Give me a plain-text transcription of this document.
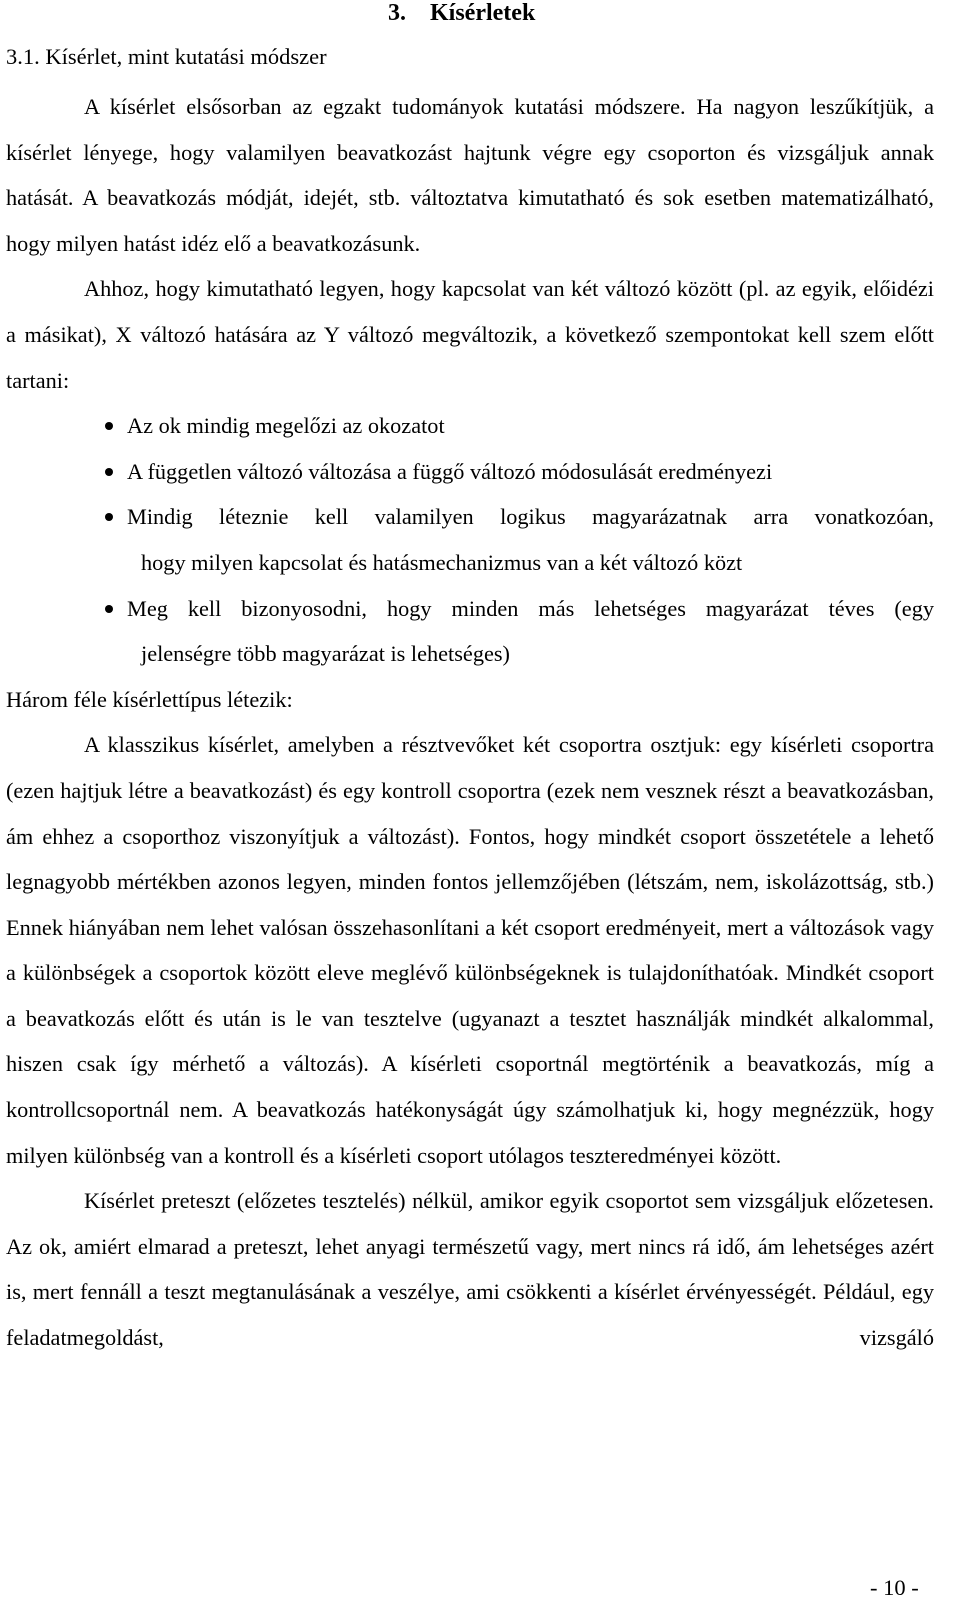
3.    Kísérletek
3.1. Kísérlet, mint kutatási módszer

A kísérlet elsősorban az egzakt tudományok kutatási módszere. Ha nagyon leszűkítjük, a kísérlet lényege, hogy valamilyen beavatkozást hajtunk végre egy csoporton és vizsgáljuk annak hatását. A beavatkozás módját, idejét, stb. változtatva kimutatható és sok esetben matematizálható, hogy milyen hatást idéz elő a beavatkozásunk.

Ahhoz, hogy kimutatható legyen, hogy kapcsolat van két változó között (pl. az egyik, előidézi a másikat), X változó hatására az Y változó megváltozik, a következő szempontokat kell szem előtt tartani:

Az ok mindig megelőzi az okozatot
A független változó változása a függő változó módosulását eredményezi
Mindig léteznie kell valamilyen logikus magyarázatnak arra vonatkozóan,
hogy milyen kapcsolat és hatásmechanizmus van a két változó közt
Meg kell bizonyosodni, hogy minden más lehetséges magyarázat téves (egy
jelenségre több magyarázat is lehetséges)

Három féle kísérlettípus létezik:

A klasszikus kísérlet, amelyben a résztvevőket két csoportra osztjuk: egy kísérleti csoportra (ezen hajtjuk létre a beavatkozást) és egy kontroll csoportra (ezek nem vesznek részt a beavatkozásban, ám ehhez a csoporthoz viszonyítjuk a változást). Fontos, hogy mindkét csoport összetétele a lehető legnagyobb mértékben azonos legyen, minden fontos jellemzőjében (létszám, nem, iskolázottság, stb.) Ennek hiányában nem lehet valósan összehasonlítani a két csoport eredményeit, mert a változások vagy a különbségek a csoportok között eleve meglévő különbségeknek is tulajdoníthatóak. Mindkét csoport a beavatkozás előtt és után is le van tesztelve (ugyanazt a tesztet használják mindkét alkalommal, hiszen csak így mérhető a változás). A kísérleti csoportnál megtörténik a beavatkozás, míg a kontrollcsoportnál nem. A beavatkozás hatékonyságát úgy számolhatjuk ki, hogy megnézzük, hogy milyen különbség van a kontroll és a kísérleti csoport utólagos teszteredményei között.

Kísérlet preteszt (előzetes tesztelés) nélkül, amikor egyik csoportot sem vizsgáljuk előzetesen. Az ok, amiért elmarad a preteszt, lehet anyagi természetű vagy, mert nincs rá idő, ám lehetséges azért is, mert fennáll a teszt megtanulásának a veszélye, ami csökkenti a kísérlet érvényességét. Például, egy feladatmegoldást, vizsgáló

- 10 -
